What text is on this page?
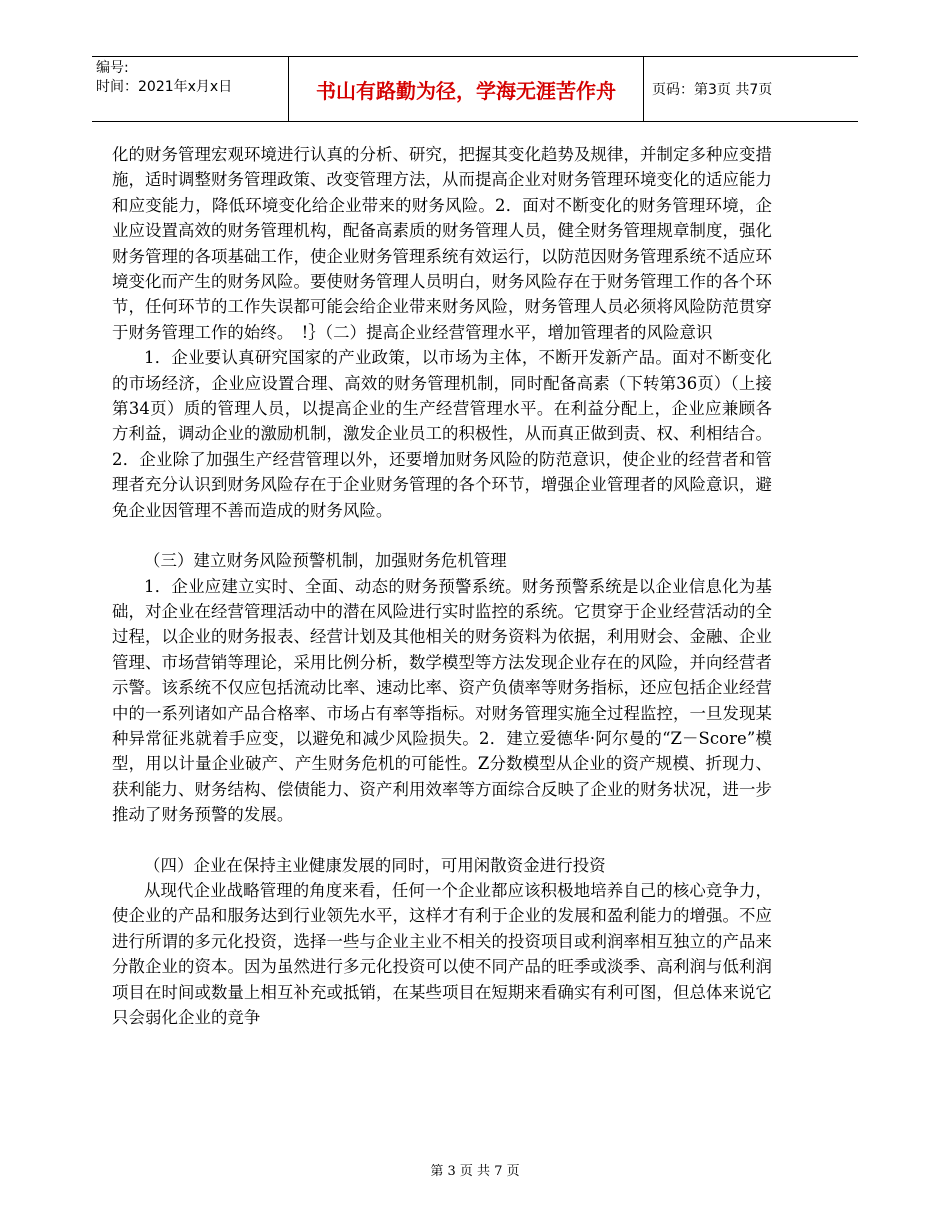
编号:
时间：2021年x月x日	书山有路勤为径，学海无涯苦作舟	页码：第3页 共7页

化的财务管理宏观环境进行认真的分析、研究，把握其变化趋势及规律，并制定多种应变措施，适时调整财务管理政策、改变管理方法，从而提高企业对财务管理环境变化的适应能力和应变能力，降低环境变化给企业带来的财务风险。2．面对不断变化的财务管理环境，企业应设置高效的财务管理机构，配备高素质的财务管理人员，健全财务管理规章制度，强化财务管理的各项基础工作，使企业财务管理系统有效运行，以防范因财务管理系统不适应环境变化而产生的财务风险。要使财务管理人员明白，财务风险存在于财务管理工作的各个环节，任何环节的工作失误都可能会给企业带来财务风险，财务管理人员必须将风险防范贯穿于财务管理工作的始终。　!｝（二）提高企业经营管理水平，增加管理者的风险意识

1．企业要认真研究国家的产业政策，以市场为主体，不断开发新产品。面对不断变化的市场经济，企业应设置合理、高效的财务管理机制，同时配备高素（下转第36页）（上接第34页）质的管理人员，以提高企业的生产经营管理水平。在利益分配上，企业应兼顾各方利益，调动企业的激励机制，激发企业员工的积极性，从而真正做到责、权、利相结合。2．企业除了加强生产经营管理以外，还要增加财务风险的防范意识，使企业的经营者和管理者充分认识到财务风险存在于企业财务管理的各个环节，增强企业管理者的风险意识，避免企业因管理不善而造成的财务风险。

（三）建立财务风险预警机制，加强财务危机管理

1．企业应建立实时、全面、动态的财务预警系统。财务预警系统是以企业信息化为基础，对企业在经营管理活动中的潜在风险进行实时监控的系统。它贯穿于企业经营活动的全过程，以企业的财务报表、经营计划及其他相关的财务资料为依据，利用财会、金融、企业管理、市场营销等理论，采用比例分析，数学模型等方法发现企业存在的风险，并向经营者示警。该系统不仅应包括流动比率、速动比率、资产负债率等财务指标，还应包括企业经营中的一系列诸如产品合格率、市场占有率等指标。对财务管理实施全过程监控，一旦发现某种异常征兆就着手应变，以避免和减少风险损失。2．建立爱德华·阿尔曼的“Z－Score”模型，用以计量企业破产、产生财务危机的可能性。Z分数模型从企业的资产规模、折现力、获利能力、财务结构、偿债能力、资产利用效率等方面综合反映了企业的财务状况，进一步推动了财务预警的发展。

（四）企业在保持主业健康发展的同时，可用闲散资金进行投资

从现代企业战略管理的角度来看，任何一个企业都应该积极地培养自己的核心竞争力，使企业的产品和服务达到行业领先水平，这样才有利于企业的发展和盈利能力的增强。不应进行所谓的多元化投资，选择一些与企业主业不相关的投资项目或利润率相互独立的产品来分散企业的资本。因为虽然进行多元化投资可以使不同产品的旺季或淡季、高利润与低利润项目在时间或数量上相互补充或抵销，在某些项目在短期来看确实有利可图，但总体来说它只会弱化企业的竞争

第 3 页 共 7 页
